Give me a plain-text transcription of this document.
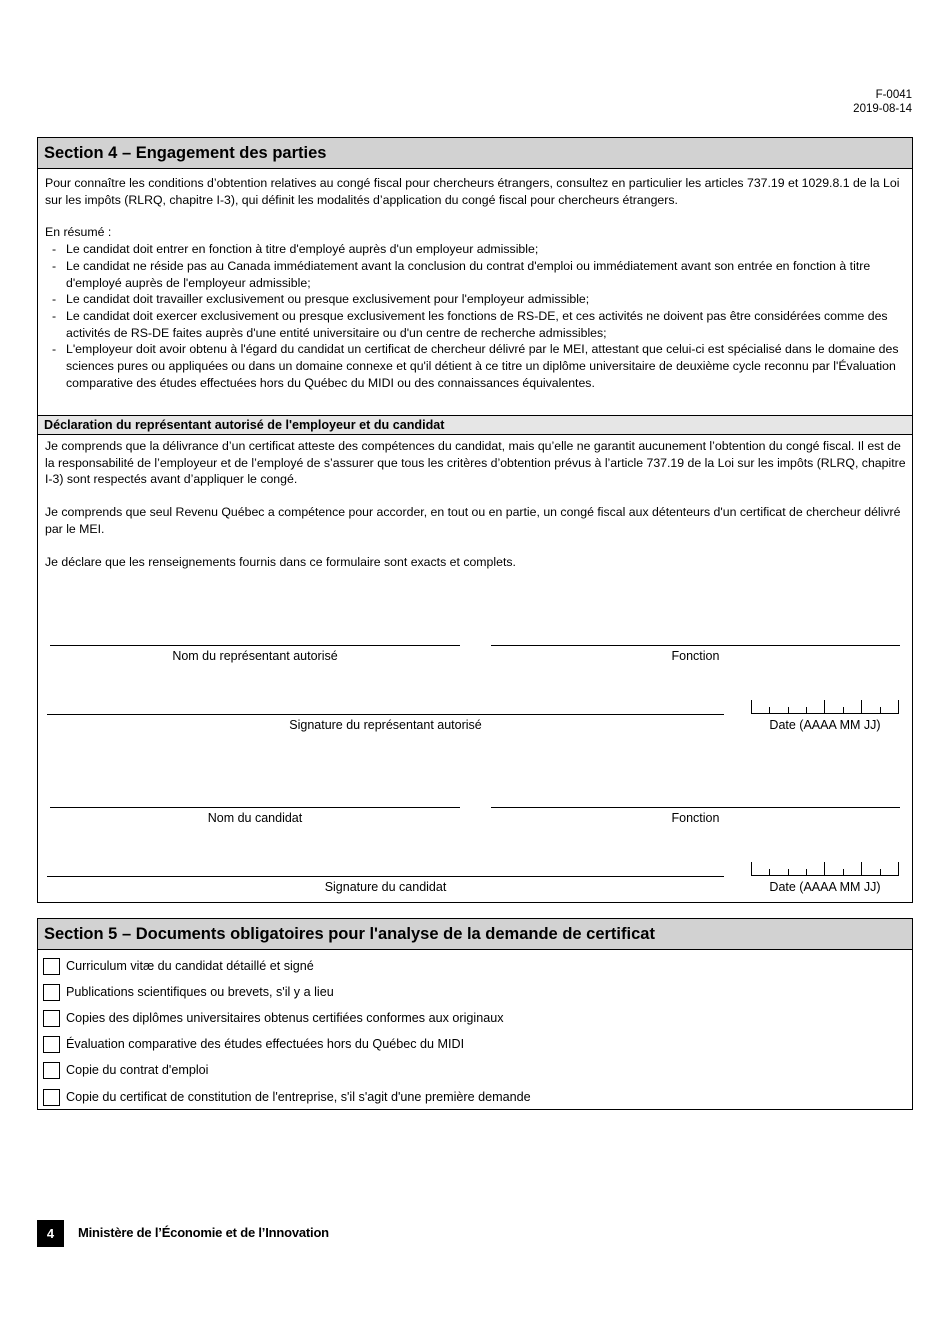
F-0041
2019-08-14
Section 4 – Engagement des parties

Pour connaître les conditions d’obtention relatives au congé fiscal pour chercheurs étrangers, consultez en particulier les articles 737.19 et 1029.8.1 de la Loi sur les impôts (RLRQ, chapitre I-3), qui définit les modalités d’application du congé fiscal pour chercheurs étrangers.

En résumé :

- Le candidat doit entrer en fonction à titre d'employé auprès d'un employeur admissible;
- Le candidat ne réside pas au Canada immédiatement avant la conclusion du contrat d'emploi ou immédiatement avant son entrée en fonction à titre d'employé auprès de l'employeur admissible;
- Le candidat doit travailler exclusivement ou presque exclusivement pour l'employeur admissible;
- Le candidat doit exercer exclusivement ou presque exclusivement les fonctions de RS-DE, et ces activités ne doivent pas être considérées comme des activités de RS-DE faites auprès d'une entité universitaire ou d'un centre de recherche admissibles;
- L'employeur doit avoir obtenu à l'égard du candidat un certificat de chercheur délivré par le MEI, attestant que celui-ci est spécialisé dans le domaine des sciences pures ou appliquées ou dans un domaine connexe et qu'il détient à ce titre un diplôme universitaire de deuxième cycle reconnu par l'Évaluation comparative des études effectuées hors du Québec du MIDI ou des connaissances équivalentes.
Déclaration du représentant autorisé de l'employeur et du candidat

Je comprends que la délivrance d’un certificat atteste des compétences du candidat, mais qu’elle ne garantit aucunement l’obtention du congé fiscal. Il est de la responsabilité de l’employeur et de l’employé de s’assurer que tous les critères d’obtention prévus à l’article 737.19 de la Loi sur les impôts (RLRQ, chapitre I-3) sont respectés avant d’appliquer le congé.

Je comprends que seul Revenu Québec a compétence pour accorder, en tout ou en partie, un congé fiscal aux détenteurs d'un certificat de chercheur délivré par le MEI.

Je déclare que les renseignements fournis dans ce formulaire sont exacts et complets.

Nom du représentant autorisé	Fonction
Signature du représentant autorisé	Date (AAAA MM JJ)
Nom du candidat	Fonction
Signature du candidat	Date (AAAA MM JJ)
Section 5 – Documents obligatoires pour l'analyse de la demande de certificat
Curriculum vitæ du candidat détaillé et signé
Publications scientifiques ou brevets, s'il y a lieu
Copies des diplômes universitaires obtenus certifiées conformes aux originaux
Évaluation comparative des études effectuées hors du Québec du MIDI
Copie du contrat d'emploi
Copie du certificat de constitution de l'entreprise, s'il s'agit d'une première demande
4	Ministère de l’Économie et de l’Innovation
